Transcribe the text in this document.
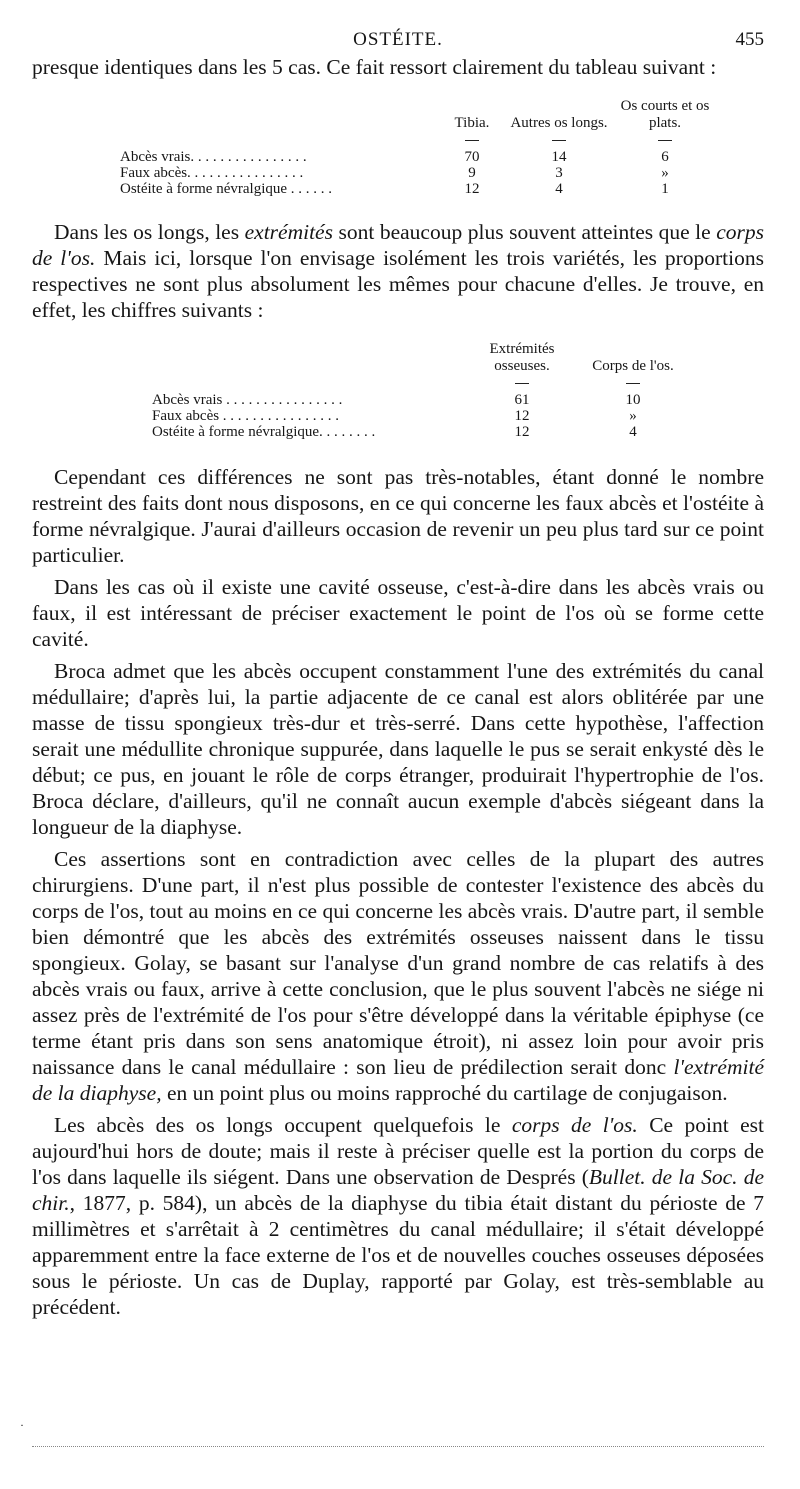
OSTÉITE.	455

presque identiques dans les 5 cas. Ce fait ressort clairement du tableau suivant :

	Tibia.	Autres os longs.	Os courts et os plats.

Abcès vrais. . . . . . . . . . . . . . . .	70	14	6
Faux abcès. . . . . . . . . . . . . . . .	9	3	»
Ostéite à forme névralgique . . . . . .	12	4	1

Dans les os longs, les extrémités sont beaucoup plus souvent atteintes que le corps de l'os. Mais ici, lorsque l'on envisage isolément les trois variétés, les proportions respectives ne sont plus absolument les mêmes pour chacune d'elles. Je trouve, en effet, les chiffres suivants :

	Extrémités osseuses.	Corps de l'os.

Abcès vrais . . . . . . . . . . . . . . . .	61	10
Faux abcès . . . . . . . . . . . . . . . .	12	»
Ostéite à forme névralgique. . . . . . . .	12	4

Cependant ces différences ne sont pas très-notables, étant donné le nombre restreint des faits dont nous disposons, en ce qui concerne les faux abcès et l'ostéite à forme névralgique. J'aurai d'ailleurs occasion de revenir un peu plus tard sur ce point particulier.

Dans les cas où il existe une cavité osseuse, c'est-à-dire dans les abcès vrais ou faux, il est intéressant de préciser exactement le point de l'os où se forme cette cavité.

Broca admet que les abcès occupent constamment l'une des extrémités du canal médullaire; d'après lui, la partie adjacente de ce canal est alors oblitérée par une masse de tissu spongieux très-dur et très-serré. Dans cette hypothèse, l'affection serait une médullite chronique suppurée, dans laquelle le pus se serait enkysté dès le début; ce pus, en jouant le rôle de corps étranger, produirait l'hypertrophie de l'os. Broca déclare, d'ailleurs, qu'il ne connaît aucun exemple d'abcès siégeant dans la longueur de la diaphyse.

Ces assertions sont en contradiction avec celles de la plupart des autres chirurgiens. D'une part, il n'est plus possible de contester l'existence des abcès du corps de l'os, tout au moins en ce qui concerne les abcès vrais. D'autre part, il semble bien démontré que les abcès des extrémités osseuses naissent dans le tissu spongieux. Golay, se basant sur l'analyse d'un grand nombre de cas relatifs à des abcès vrais ou faux, arrive à cette conclusion, que le plus souvent l'abcès ne siége ni assez près de l'extrémité de l'os pour s'être développé dans la véritable épiphyse (ce terme étant pris dans son sens anatomique étroit), ni assez loin pour avoir pris naissance dans le canal médullaire : son lieu de prédilection serait donc l'extrémité de la diaphyse, en un point plus ou moins rapproché du cartilage de conjugaison.

Les abcès des os longs occupent quelquefois le corps de l'os. Ce point est aujourd'hui hors de doute; mais il reste à préciser quelle est la portion du corps de l'os dans laquelle ils siégent. Dans une observation de Després (Bullet. de la Soc. de chir., 1877, p. 584), un abcès de la diaphyse du tibia était distant du périoste de 7 millimètres et s'arrêtait à 2 centimètres du canal médullaire; il s'était développé apparemment entre la face externe de l'os et de nouvelles couches osseuses déposées sous le périoste. Un cas de Duplay, rapporté par Golay, est très-semblable au précédent.

·
